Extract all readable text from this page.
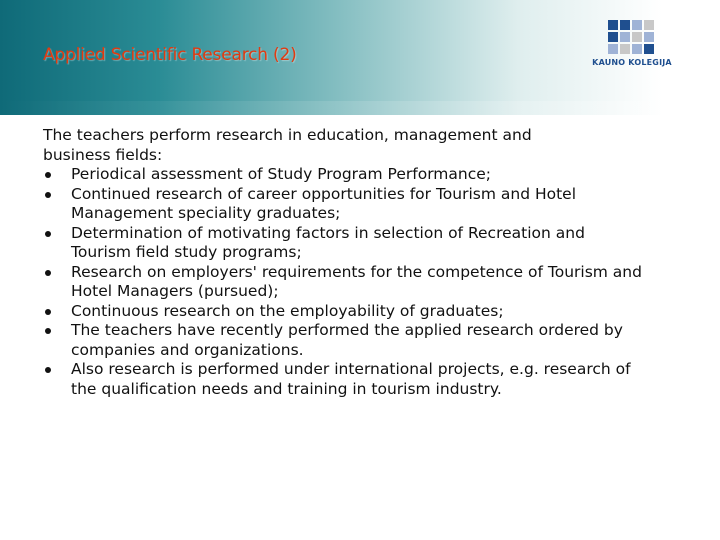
Applied Scientific Research (2)	KAUNO KOLEGIJA

The teachers perform research in education, management and
business fields:

Periodical assessment of Study Program Performance;
Continued research of career opportunities for Tourism and Hotel
Management speciality graduates;
Determination of motivating factors in selection of Recreation and
Tourism field study programs;
Research on employers' requirements for the competence of Tourism and
Hotel Managers (pursued);
Continuous research on the employability of graduates;
The teachers have recently performed the applied research ordered by
companies and organizations.
Also research is performed under international projects, e.g. research of
the qualification needs and training in tourism industry.
